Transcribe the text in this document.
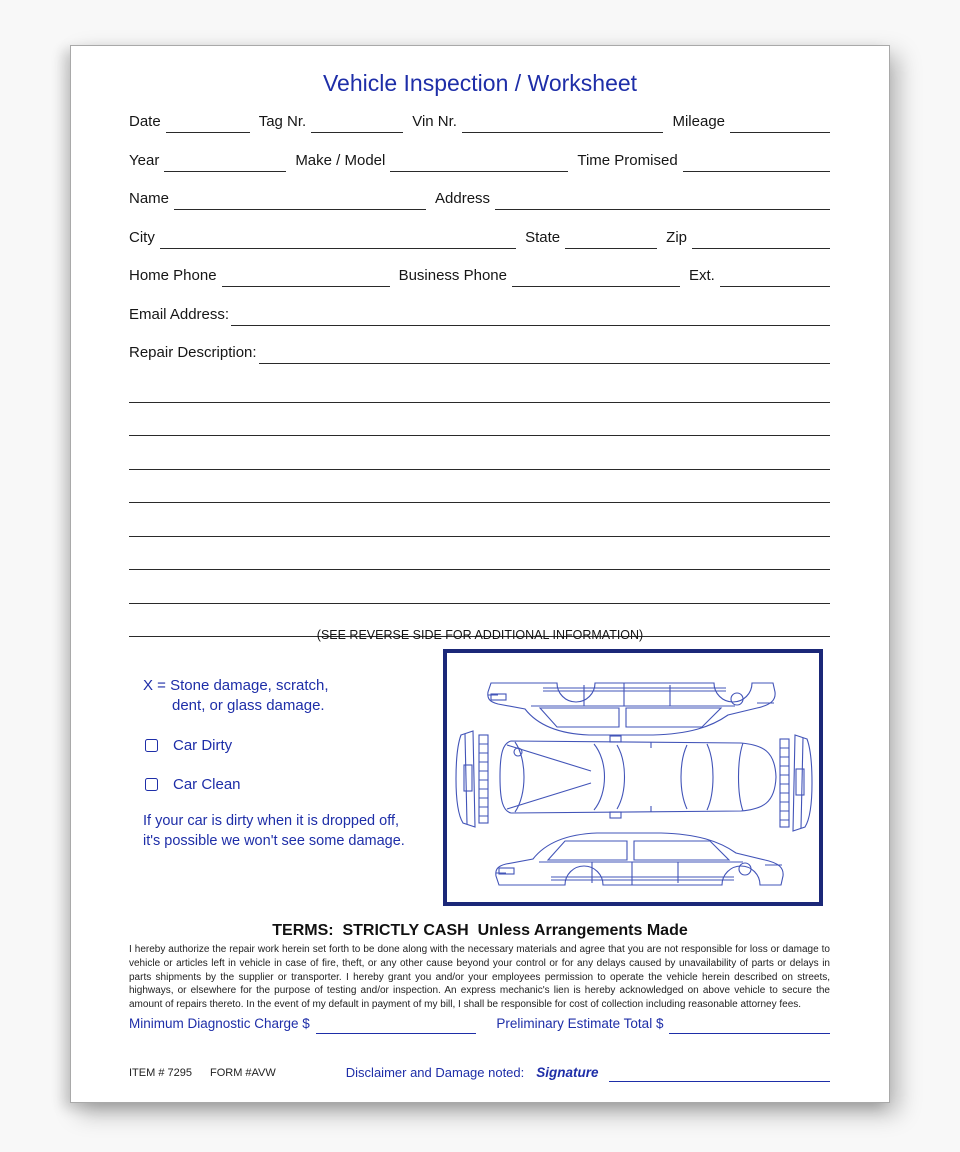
Vehicle Inspection / Worksheet
Date	Tag Nr.	Vin Nr.	Mileage
Year	Make / Model	Time Promised
Name	Address
City	State	Zip
Home Phone	Business Phone	Ext.
Email Address:
Repair Description:
(SEE REVERSE SIDE FOR ADDITIONAL INFORMATION)
X = Stone damage, scratch,
dent, or glass damage.
Car Dirty
Car Clean
If your car is dirty when it is dropped off,
it's possible we won't see some damage.
TERMS:  STRICTLY CASH  Unless Arrangements Made
I hereby authorize the repair work herein set forth to be done along with the necessary materials and agree that you are not responsible for loss or damage to vehicle or articles left in vehicle in case of fire, theft, or any other cause beyond your control or for any delays caused by unavailability of parts or delays in parts shipments by the supplier or transporter. I hereby grant you and/or your employees permission to operate the vehicle herein described on streets, highways, or elsewhere for the purpose of testing and/or inspection. An express mechanic's lien is hereby acknowledged on above vehicle to secure the amount of repairs thereto. In the event of my default in payment of my bill, I shall be responsible for cost of collection including reasonable attorney fees.
Minimum Diagnostic Charge $	Preliminary Estimate Total $
ITEM # 7295 FORM #AVW	Disclaimer and Damage noted: Signature
